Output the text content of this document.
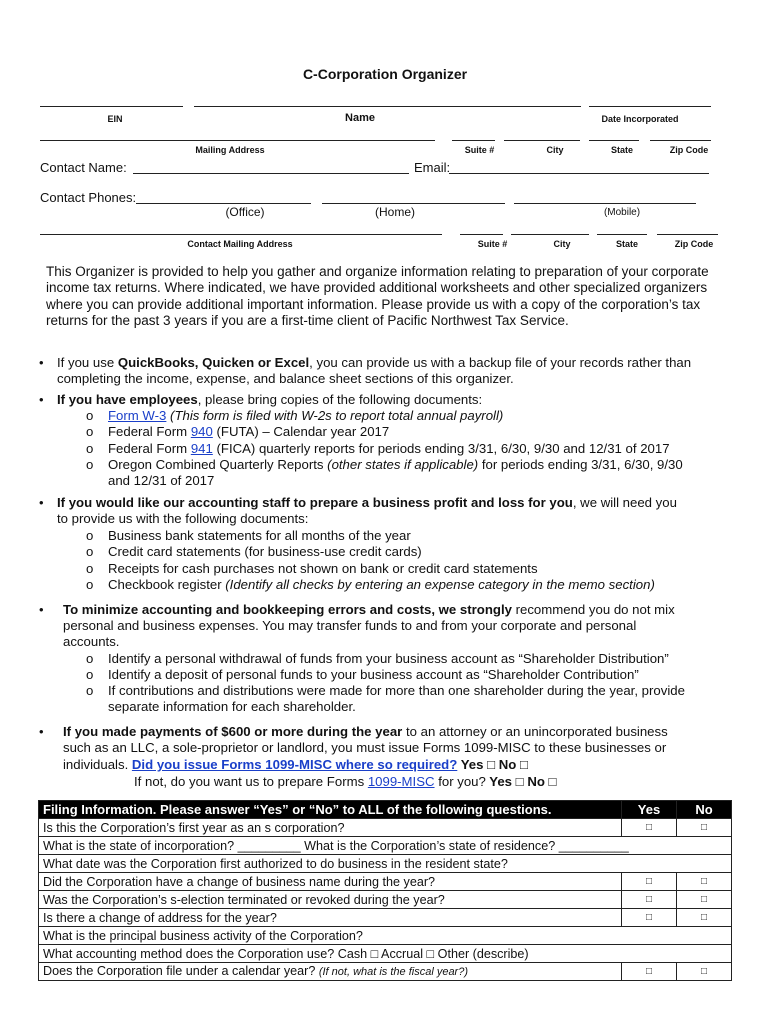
C-Corporation Organizer
EIN	Name	Date Incorporated
Mailing Address	Suite #	City	State	Zip Code
Contact Name:	Email:
Contact Phones:
(Office)	(Home)	(Mobile)
Contact Mailing Address	Suite #	City	State	Zip Code
This Organizer is provided to help you gather and organize information relating to preparation of your corporate income tax returns. Where indicated, we have provided additional worksheets and other specialized organizers where you can provide additional important information. Please provide us with a copy of the corporation’s tax returns for the past 3 years if you are a first-time client of Pacific Northwest Tax Service.
• If you use QuickBooks, Quicken or Excel, you can provide us with a backup file of your records rather than completing the income, expense, and balance sheet sections of this organizer.
• If you have employees, please bring copies of the following documents:
o Form W-3 (This form is filed with W-2s to report total annual payroll)
o Federal Form 940 (FUTA) – Calendar year 2017
o Federal Form 941 (FICA) quarterly reports for periods ending 3/31, 6/30, 9/30 and 12/31 of 2017
o Oregon Combined Quarterly Reports (other states if applicable) for periods ending 3/31, 6/30, 9/30
and 12/31 of 2017
• If you would like our accounting staff to prepare a business profit and loss for you, we will need you
to provide us with the following documents:
o Business bank statements for all months of the year
o Credit card statements (for business-use credit cards)
o Receipts for cash purchases not shown on bank or credit card statements
o Checkbook register (Identify all checks by entering an expense category in the memo section)
• To minimize accounting and bookkeeping errors and costs, we strongly recommend you do not mix
personal and business expenses. You may transfer funds to and from your corporate and personal
accounts.
o Identify a personal withdrawal of funds from your business account as “Shareholder Distribution”
o Identify a deposit of personal funds to your business account as “Shareholder Contribution”
o If contributions and distributions were made for more than one shareholder during the year, provide
separate information for each shareholder.
• If you made payments of $600 or more during the year to an attorney or an unincorporated business
such as an LLC, a sole-proprietor or landlord, you must issue Forms 1099-MISC to these businesses or
individuals. Did you issue Forms 1099-MISC where so required? Yes □ No □
If not, do you want us to prepare Forms 1099-MISC for you? Yes □ No □
Filing Information. Please answer “Yes” or “No” to ALL of the following questions.	Yes	No
Is this the Corporation’s first year as an s corporation?	□	□
What is the state of incorporation? _________ What is the Corporation’s state of residence? __________		
What date was the Corporation first authorized to do business in the resident state?		
Did the Corporation have a change of business name during the year?	□	□
Was the Corporation’s s-election terminated or revoked during the year?	□	□
Is there a change of address for the year?	□	□
What is the principal business activity of the Corporation?		
What accounting method does the Corporation use? Cash □ Accrual □ Other (describe)		
Does the Corporation file under a calendar year? (If not, what is the fiscal year?)	□	□
